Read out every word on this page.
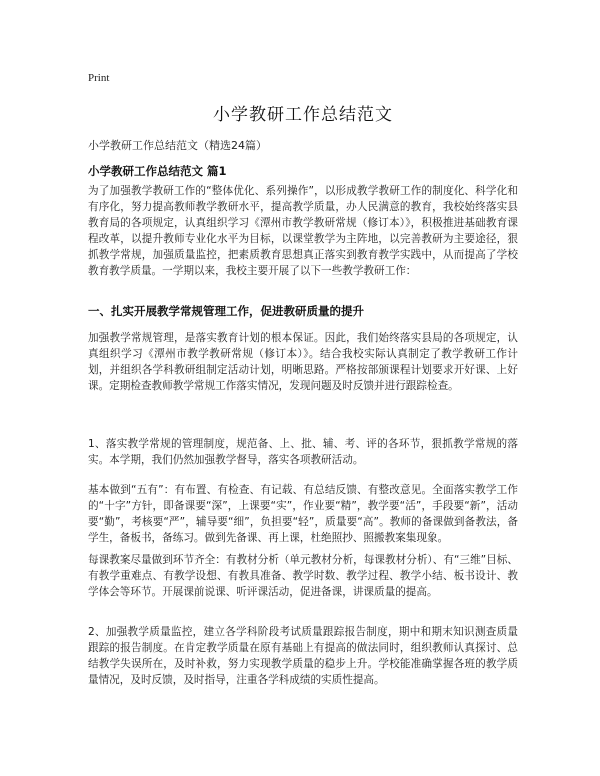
Print
小学教研工作总结范文
小学教研工作总结范文（精选24篇）
小学教研工作总结范文 篇1

为了加强教学教研工作的“整体优化、系列操作”，以形成教学教研工作的制度化、科学化和有序化，努力提高教师教学教研水平，提高教学质量，办人民满意的教育，我校始终落实县教育局的各项规定，认真组织学习《潭州市教学教研常规（修订本）》，积极推进基础教育课程改革，以提升教师专业化水平为目标，以课堂教学为主阵地，以完善教研为主要途径，狠抓教学常规，加强质量监控，把素质教育思想真正落实到教育教学实践中，从而提高了学校教育教学质量。一学期以来，我校主要开展了以下一些教学教研工作：

一、扎实开展教学常规管理工作，促进教研质量的提升

加强教学常规管理，是落实教育计划的根本保证。因此，我们始终落实县局的各项规定，认真组织学习《潭州市教学教研常规（修订本）》。结合我校实际认真制定了教学教研工作计划，并组织各学科教研组制定活动计划，明晰思路。严格按部颁课程计划要求开好课、上好课。定期检查教师教学常规工作落实情况，发现问题及时反馈并进行跟踪检查。

1、落实教学常规的管理制度，规范备、上、批、辅、考、评的各环节，狠抓教学常规的落实。本学期，我们仍然加强教学督导，落实各项教研活动。

基本做到“五有”：有布置、有检查、有记载、有总结反馈、有整改意见。全面落实教学工作的“十字”方针，即备课要“深”，上课要“实”，作业要“精”，教学要“活”，手段要“新”，活动要“勤”，考核要“严”，辅导要“细”，负担要“轻”，质量要“高”。教师的备课做到备教法，备学生，备板书，备练习。做到先备课、再上课，杜绝照抄、照搬教案集现象。

每课教案尽量做到环节齐全：有教材分析（单元教材分析，每课教材分析）、有“三维”目标、有教学重难点、有教学设想、有教具准备、教学时数、教学过程、教学小结、板书设计、教学体会等环节。开展课前说课、听评课活动，促进备课，讲课质量的提高。

2、加强教学质量监控，建立各学科阶段考试质量跟踪报告制度，期中和期末知识测查质量跟踪的报告制度。在肯定教学质量在原有基础上有提高的做法同时，组织教师认真探讨、总结教学失误所在，及时补救，努力实现教学质量的稳步上升。学校能准确掌握各班的教学质量情况，及时反馈，及时指导，注重各学科成绩的实质性提高。
